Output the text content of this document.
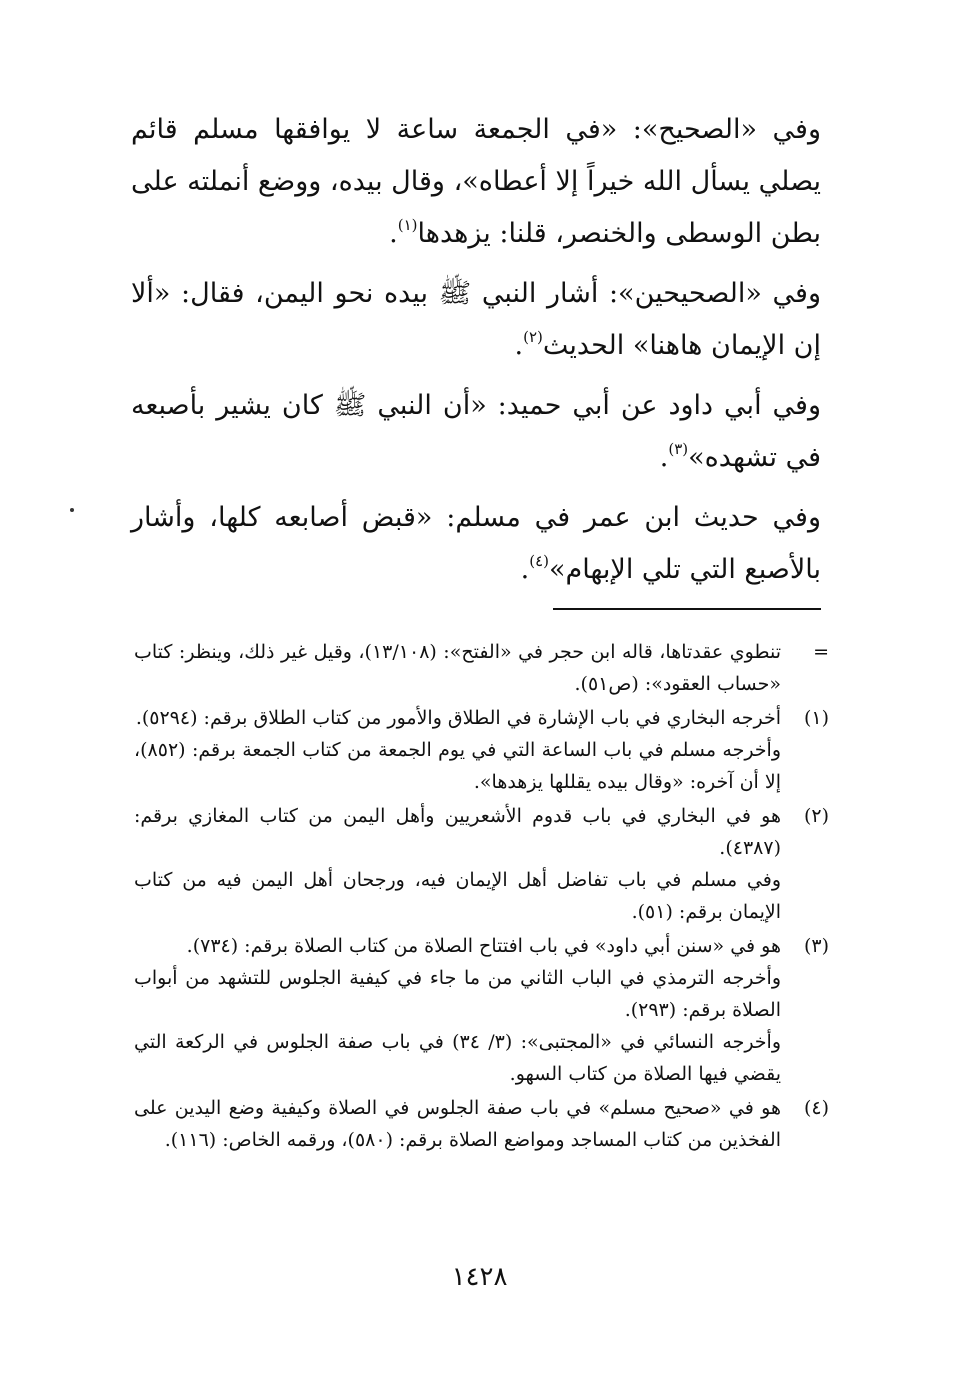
وفي «الصحيح»: «في الجمعة ساعة لا يوافقها مسلم قائم يصلي يسأل الله خيراً إلا أعطاه»، وقال بيده، ووضع أنملته على بطن الوسطى والخنصر، قلنا: يزهدها$^{(١)}$.

وفي «الصحيحين»: أشار النبي ﷺ بيده نحو اليمن، فقال: «ألا إن الإيمان هاهنا» الحديث$^{(٢)}$.

وفي أبي داود عن أبي حميد: «أن النبي ﷺ كان يشير بأصبعه في تشهده»$^{(٣)}$.

وفي حديث ابن عمر في مسلم: «قبض أصابعه كلها، وأشار بالأصبع التي تلي الإبهام»$^{(٤)}$.

=

تنطوي عقدتاها، قاله ابن حجر في «الفتح»: (١٣/١٠٨)، وقيل غير ذلك، وينظر: كتاب «حساب العقود»: (ص٥١).

(١)

أخرجه البخاري في باب الإشارة في الطلاق والأمور من كتاب الطلاق برقم: (٥٢٩٤).

وأخرجه مسلم في باب الساعة التي في يوم الجمعة من كتاب الجمعة برقم: (٨٥٢)، إلا أن آخره: «وقال بيده يقللها يزهدها».

(٢)

هو في البخاري في باب قدوم الأشعريين وأهل اليمن من كتاب المغازي برقم: (٤٣٨٧).

وفي مسلم في باب تفاضل أهل الإيمان فيه، ورجحان أهل اليمن فيه من كتاب الإيمان برقم: (٥١).

(٣)

هو في «سنن أبي داود» في باب افتتاح الصلاة من كتاب الصلاة برقم: (٧٣٤).

وأخرجه الترمذي في الباب الثاني من ما جاء في كيفية الجلوس للتشهد من أبواب الصلاة برقم: (٢٩٣).

وأخرجه النسائي في «المجتبى»: (٣/ ٣٤) في باب صفة الجلوس في الركعة التي يقضي فيها الصلاة من كتاب السهو.

(٤)

هو في «صحيح مسلم» في باب صفة الجلوس في الصلاة وكيفية وضع اليدين على الفخذين من كتاب المساجد ومواضع الصلاة برقم: (٥٨٠)، ورقمه الخاص: (١١٦).

١٤٢٨
